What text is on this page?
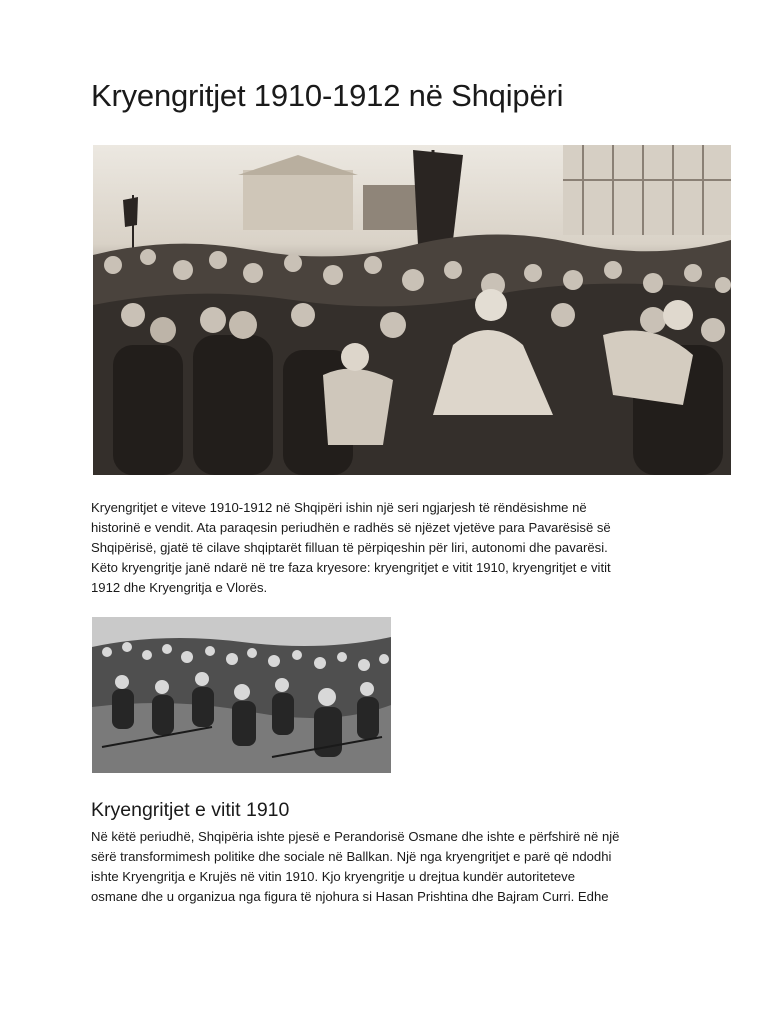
Kryengritjet 1910-1912 në Shqipëri

Kryengritjet e viteve 1910-1912 në Shqipëri ishin një seri ngjarjesh të rëndësishme në
historinë e vendit. Ata paraqesin periudhën e radhës së njëzet vjetëve para Pavarësisë së
Shqipërisë, gjatë të cilave shqiptarët filluan të përpiqeshin për liri, autonomi dhe pavarësi.
Këto kryengritje janë ndarë në tre faza kryesore: kryengritjet e vitit 1910, kryengritjet e vitit
1912 dhe Kryengritja e Vlorës.

Kryengritjet e vitit 1910

Në këtë periudhë, Shqipëria ishte pjesë e Perandorisë Osmane dhe ishte e përfshirë në një
sërë transformimesh politike dhe sociale në Ballkan. Një nga kryengritjet e parë që ndodhi
ishte Kryengritja e Krujës në vitin 1910. Kjo kryengritje u drejtua kundër autoriteteve
osmane dhe u organizua nga figura të njohura si Hasan Prishtina dhe Bajram Curri. Edhe
